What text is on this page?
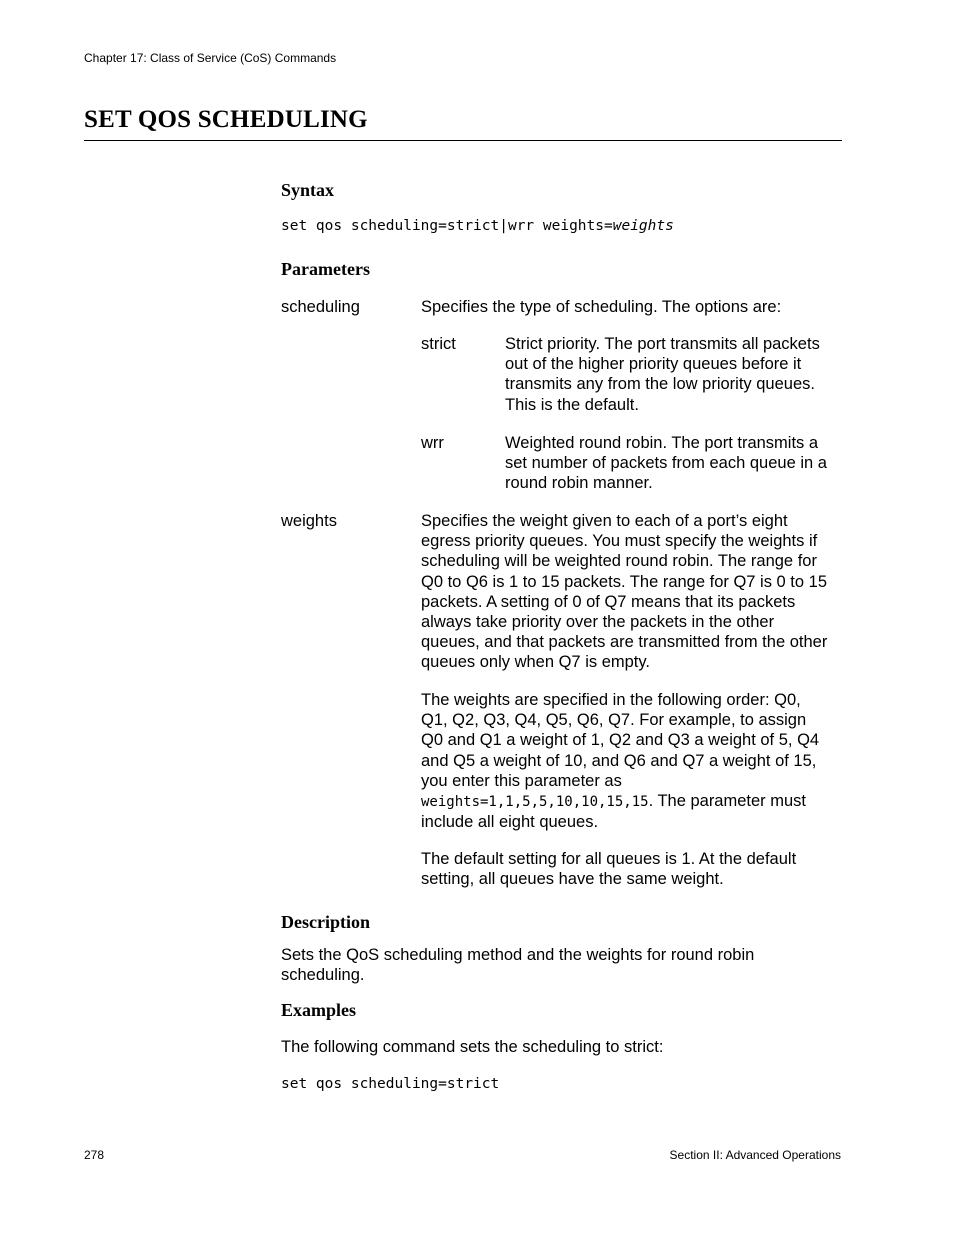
Chapter 17: Class of Service (CoS) Commands
SET QOS SCHEDULING
Syntax
set qos scheduling=strict|wrr weights=weights
Parameters
scheduling	Specifies the type of scheduling. The options are:
strict	Strict priority. The port transmits all packets
out of the higher priority queues before it
transmits any from the low priority queues.
This is the default.
wrr	Weighted round robin. The port transmits a
set number of packets from each queue in a
round robin manner.
weights	Specifies the weight given to each of a port’s eight
egress priority queues. You must specify the weights if
scheduling will be weighted round robin. The range for
Q0 to Q6 is 1 to 15 packets. The range for Q7 is 0 to 15
packets. A setting of 0 of Q7 means that its packets
always take priority over the packets in the other
queues, and that packets are transmitted from the other
queues only when Q7 is empty.
The weights are specified in the following order: Q0,
Q1, Q2, Q3, Q4, Q5, Q6, Q7. For example, to assign
Q0 and Q1 a weight of 1, Q2 and Q3 a weight of 5, Q4
and Q5 a weight of 10, and Q6 and Q7 a weight of 15,
you enter this parameter as
weights=1,1,5,5,10,10,15,15. The parameter must
include all eight queues.
The default setting for all queues is 1. At the default
setting, all queues have the same weight.
Description
Sets the QoS scheduling method and the weights for round robin
scheduling.
Examples
The following command sets the scheduling to strict:
set qos scheduling=strict
278	Section II: Advanced Operations
